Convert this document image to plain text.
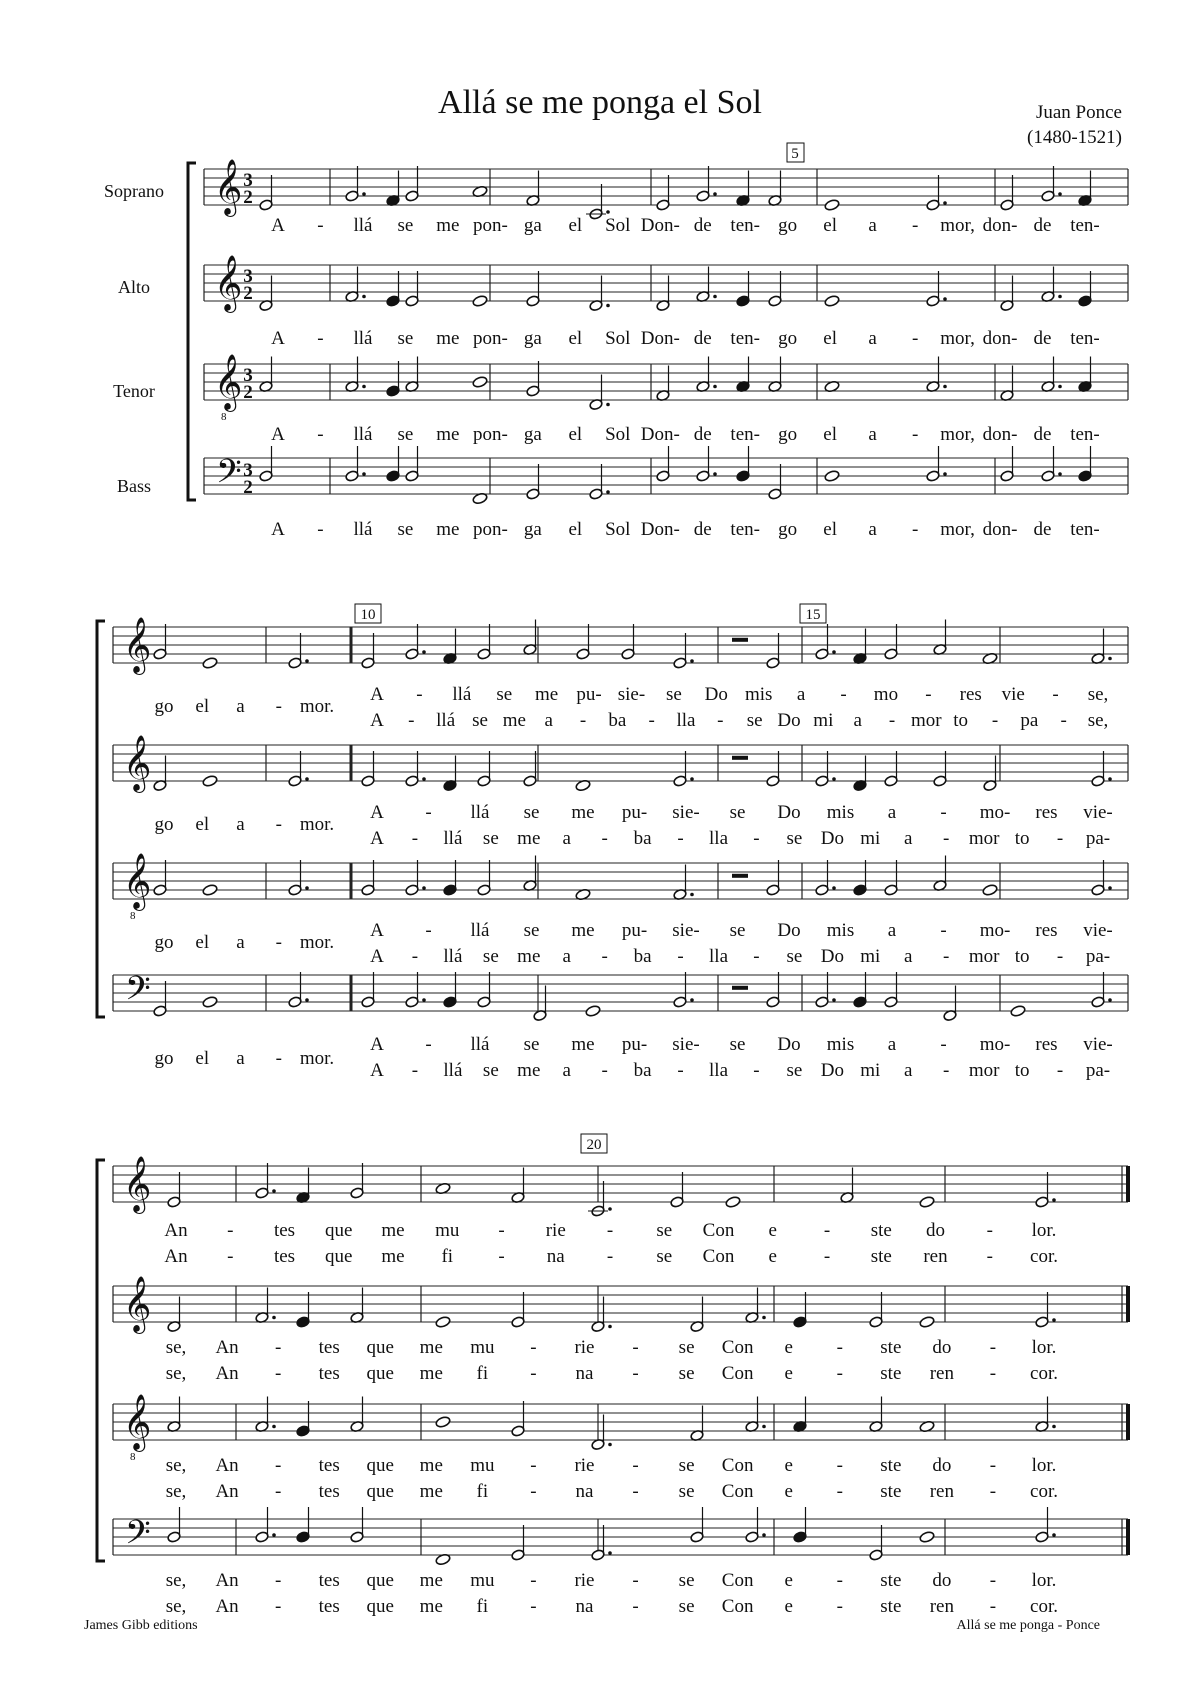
Allá se me ponga el Sol	Juan Ponce
(1480-1521)
𝄞
𝄞
𝄞
8
𝄢
𝄞
𝄞
𝄞
8
𝄢
𝄞
𝄞
𝄞
8
𝄢
Soprano
Alto
Tenor
Bass
3
2
3
2
3
2
3
2
5
10	15
20
A - llá se me pon- ga el Sol Don- de ten- go el a - mor, don- de ten-
A - llá se me pon- ga el Sol Don- de ten- go el a - mor, don- de ten-
A - llá se me pon- ga el Sol Don- de ten- go el a - mor, don- de ten-
A - llá se me pon- ga el Sol Don- de ten- go el a - mor, don- de ten-
go el a - mor.
A - llá se me pu- sie- se Do mis a - mo - res vie - se,
A - llá se me a - ba - lla - se Do mi a - mor to - pa - se,
go el a - mor.
A - llá se me pu- sie- se Do mis a - mo- res vie-
A - llá se me a - ba - lla - se Do mi a - mor to - pa-
go el a - mor.
A - llá se me pu- sie- se Do mis a - mo- res vie-
A - llá se me a - ba - lla - se Do mi a - mor to - pa-
go el a - mor.
A - llá se me pu- sie- se Do mis a - mo- res vie-
A - llá se me a - ba - lla - se Do mi a - mor to - pa-
An - tes que me mu - rie - se Con e - ste do - lor.
An - tes que me fi - na - se Con e - ste ren - cor.
se, An - tes que me mu - rie - se Con e - ste do - lor.
se, An - tes que me fi - na - se Con e - ste ren - cor.
se, An - tes que me mu - rie - se Con e - ste do - lor.
se, An - tes que me fi - na - se Con e - ste ren - cor.
se, An - tes que me mu - rie - se Con e - ste do - lor.
se, An - tes que me fi - na - se Con e - ste ren - cor.
James Gibb editions	Allá se me ponga - Ponce
